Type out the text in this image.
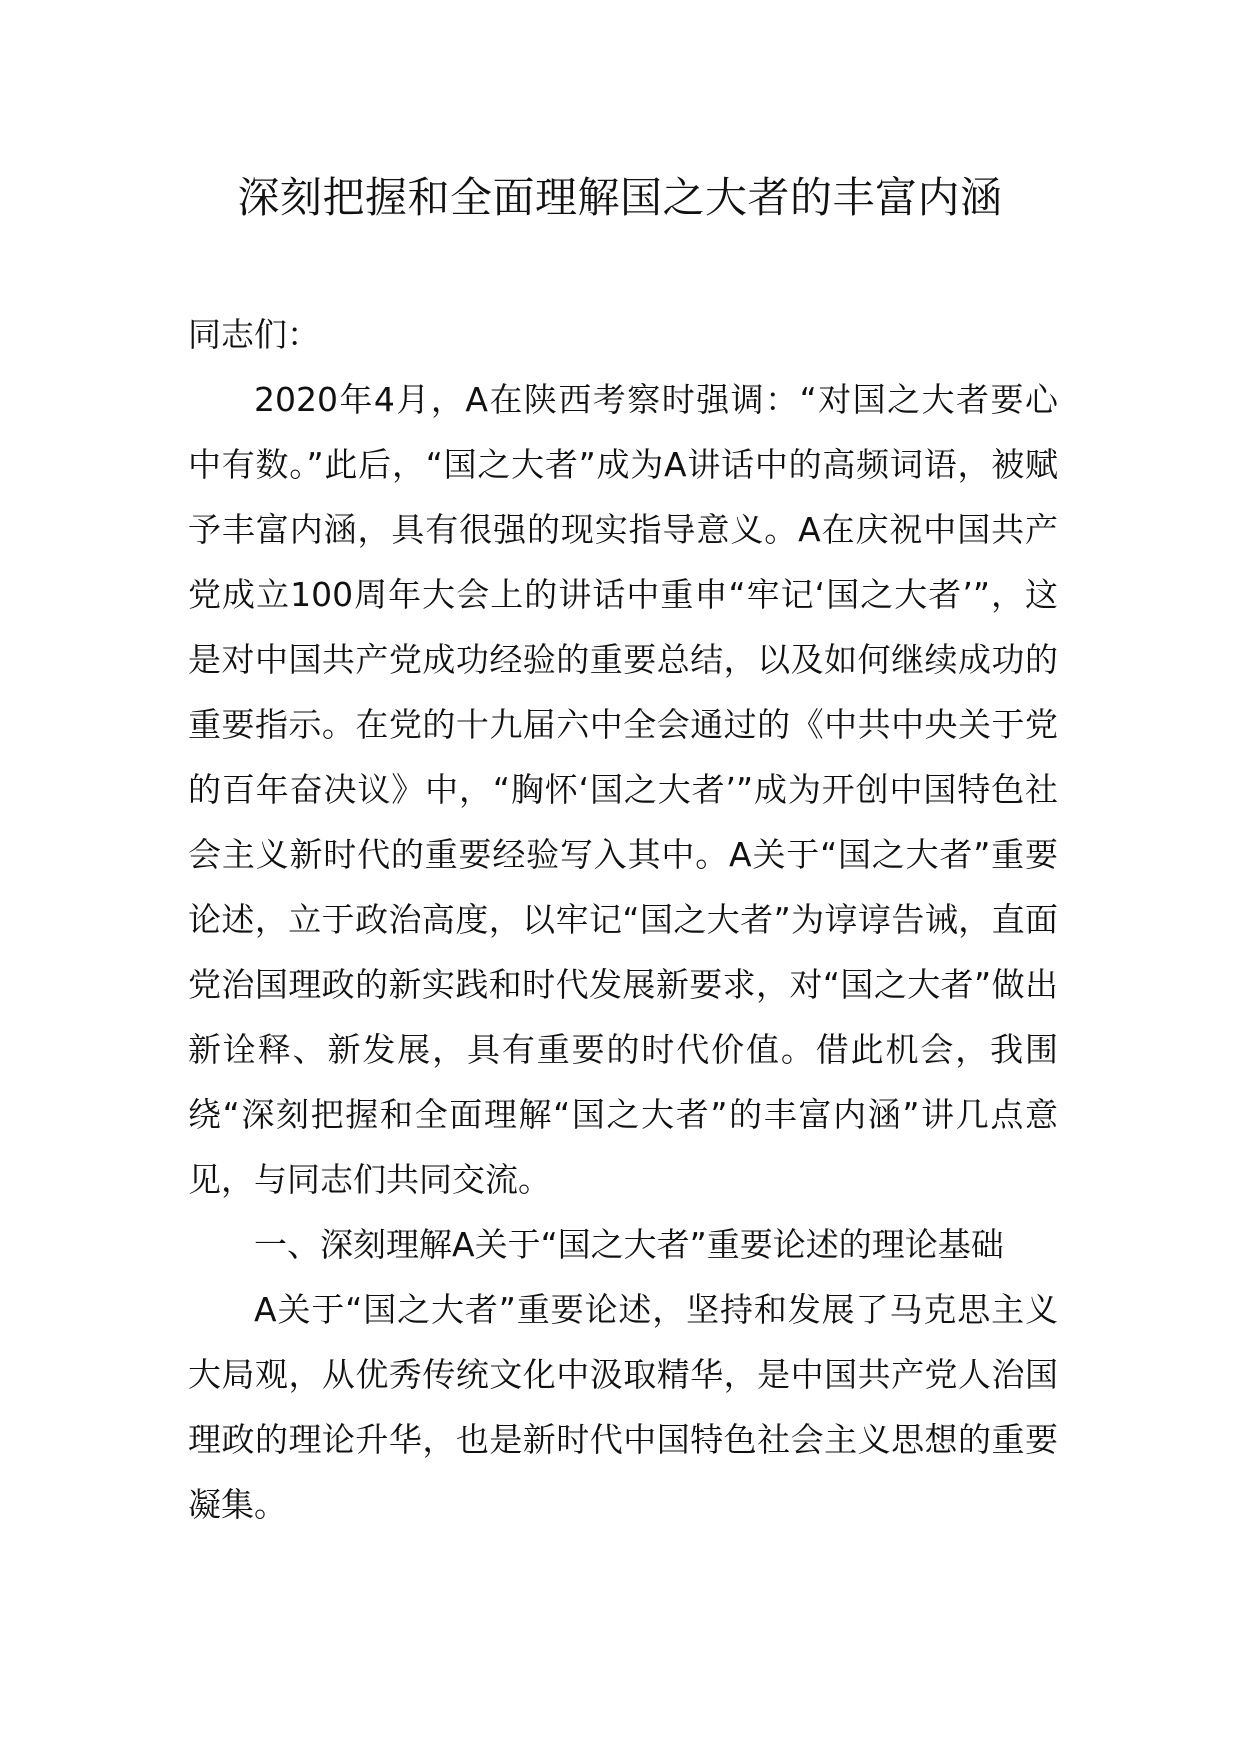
深刻把握和全面理解国之大者的丰富内涵

同志们：

2020年4月，A在陕西考察时强调：“对国之大者要心中有数。”此后，“国之大者”成为A讲话中的高频词语，被赋予丰富内涵，具有很强的现实指导意义。A在庆祝中国共产党成立100周年大会上的讲话中重申“牢记‘国之大者’”，这是对中国共产党成功经验的重要总结，以及如何继续成功的重要指示。在党的十九届六中全会通过的《中共中央关于党的百年奋决议》中，“胸怀‘国之大者’”成为开创中国特色社会主义新时代的重要经验写入其中。A关于“国之大者”重要论述，立于政治高度，以牢记“国之大者”为谆谆告诫，直面党治国理政的新实践和时代发展新要求，对“国之大者”做出新诠释、新发展，具有重要的时代价值。借此机会，我围绕“深刻把握和全面理解“国之大者”的丰富内涵”讲几点意见，与同志们共同交流。

一、深刻理解A关于“国之大者”重要论述的理论基础

A关于“国之大者”重要论述，坚持和发展了马克思主义大局观，从优秀传统文化中汲取精华，是中国共产党人治国理政的理论升华，也是新时代中国特色社会主义思想的重要凝集。
